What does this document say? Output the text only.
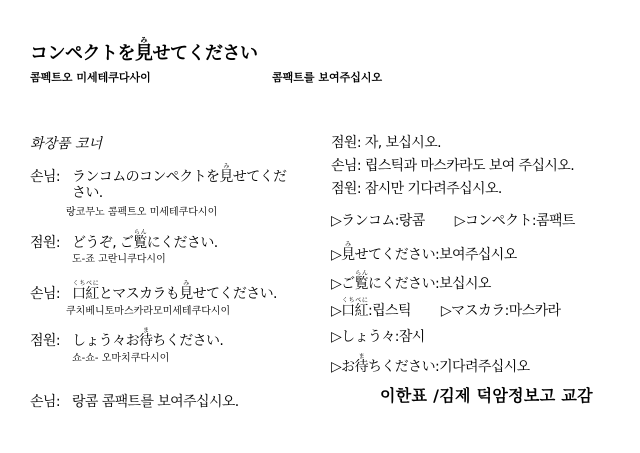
コンペクトを見せてくださいみ
콤펙트오 미세테쿠다사이	콤팩트를 보여주십시오
화장품 코너
손님: ランコムのコンペクトを見みせてくだ
さい.
랑코무노 콤펙트오 미세테쿠다시이
점원: どうぞ, ご覧らんにください.
도-죠 고란니쿠다시이
손님: 口紅くちべにとマスカラも見みせてください.
쿠치베니토마스카라모미세테쿠다시이
점원: しょう々お待まちください.
쇼-쇼- 오마치쿠다시이
손님: 랑콤 콤팩트를 보여주십시오.
점원: 자, 보십시오.
손님: 립스틱과 마스카라도 보여 주십시오.
점원: 잠시만 기다려주십시오.
▷ランコム:랑콤 ▷コンペクト:콤팩트
▷見みせてください:보여주십시오
▷ご覧らんにください:보십시오
▷口紅くちべに:립스틱 ▷マスカラ:마스카라
▷しょう々:잠시
▷お待まちください:기다려주십시오
이한표 /김제 덕암정보고 교감
